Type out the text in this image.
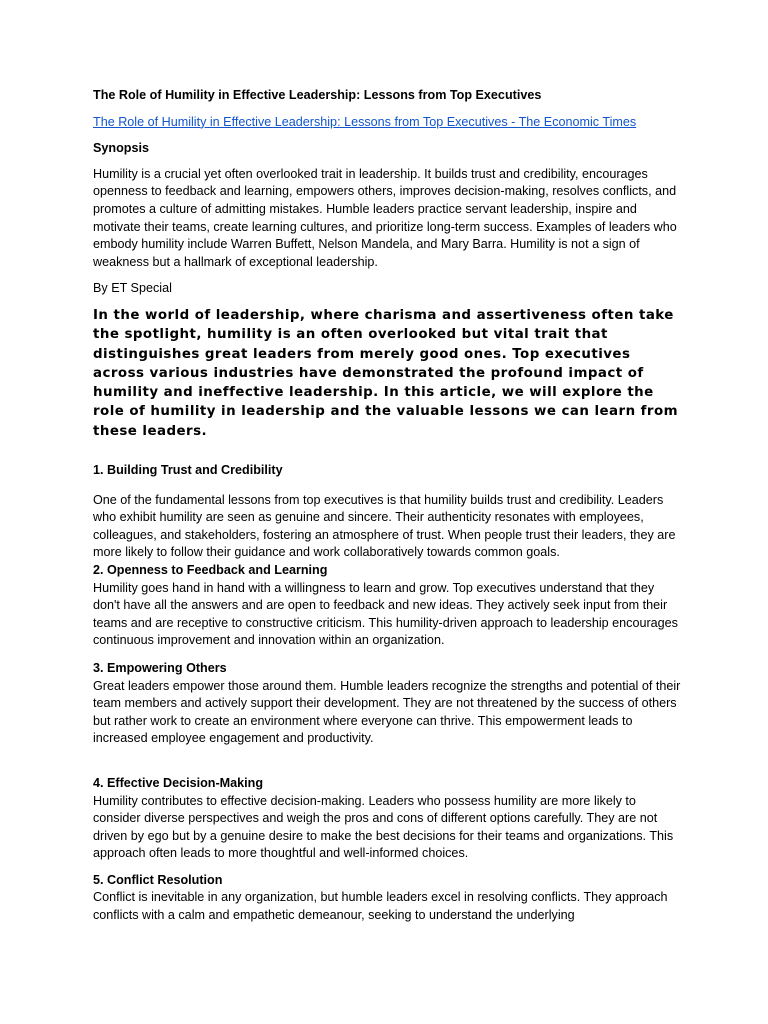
The Role of Humility in Effective Leadership: Lessons from Top Executives

The Role of Humility in Effective Leadership: Lessons from Top Executives - The Economic Times

Synopsis

Humility is a crucial yet often overlooked trait in leadership. It builds trust and credibility, encourages openness to feedback and learning, empowers others, improves decision-making, resolves conflicts, and promotes a culture of admitting mistakes. Humble leaders practice servant leadership, inspire and motivate their teams, create learning cultures, and prioritize long-term success. Examples of leaders who embody humility include Warren Buffett, Nelson Mandela, and Mary Barra. Humility is not a sign of weakness but a hallmark of exceptional leadership.

By ET Special

In the world of leadership, where charisma and assertiveness often take the spotlight, humility is an often overlooked but vital trait that distinguishes great leaders from merely good ones. Top executives across various industries have demonstrated the profound impact of humility and ineffective leadership. In this article, we will explore the role of humility in leadership and the valuable lessons we can learn from these leaders.

1. Building Trust and Credibility

One of the fundamental lessons from top executives is that humility builds trust and credibility. Leaders who exhibit humility are seen as genuine and sincere. Their authenticity resonates with employees, colleagues, and stakeholders, fostering an atmosphere of trust. When people trust their leaders, they are more likely to follow their guidance and work collaboratively towards common goals.

2. Openness to Feedback and Learning

Humility goes hand in hand with a willingness to learn and grow. Top executives understand that they don't have all the answers and are open to feedback and new ideas. They actively seek input from their teams and are receptive to constructive criticism. This humility-driven approach to leadership encourages continuous improvement and innovation within an organization.

3. Empowering Others

Great leaders empower those around them. Humble leaders recognize the strengths and potential of their team members and actively support their development. They are not threatened by the success of others but rather work to create an environment where everyone can thrive. This empowerment leads to increased employee engagement and productivity.

4. Effective Decision-Making

Humility contributes to effective decision-making. Leaders who possess humility are more likely to consider diverse perspectives and weigh the pros and cons of different options carefully. They are not driven by ego but by a genuine desire to make the best decisions for their teams and organizations. This approach often leads to more thoughtful and well-informed choices.

5. Conflict Resolution

Conflict is inevitable in any organization, but humble leaders excel in resolving conflicts. They approach conflicts with a calm and empathetic demeanour, seeking to understand the underlying
